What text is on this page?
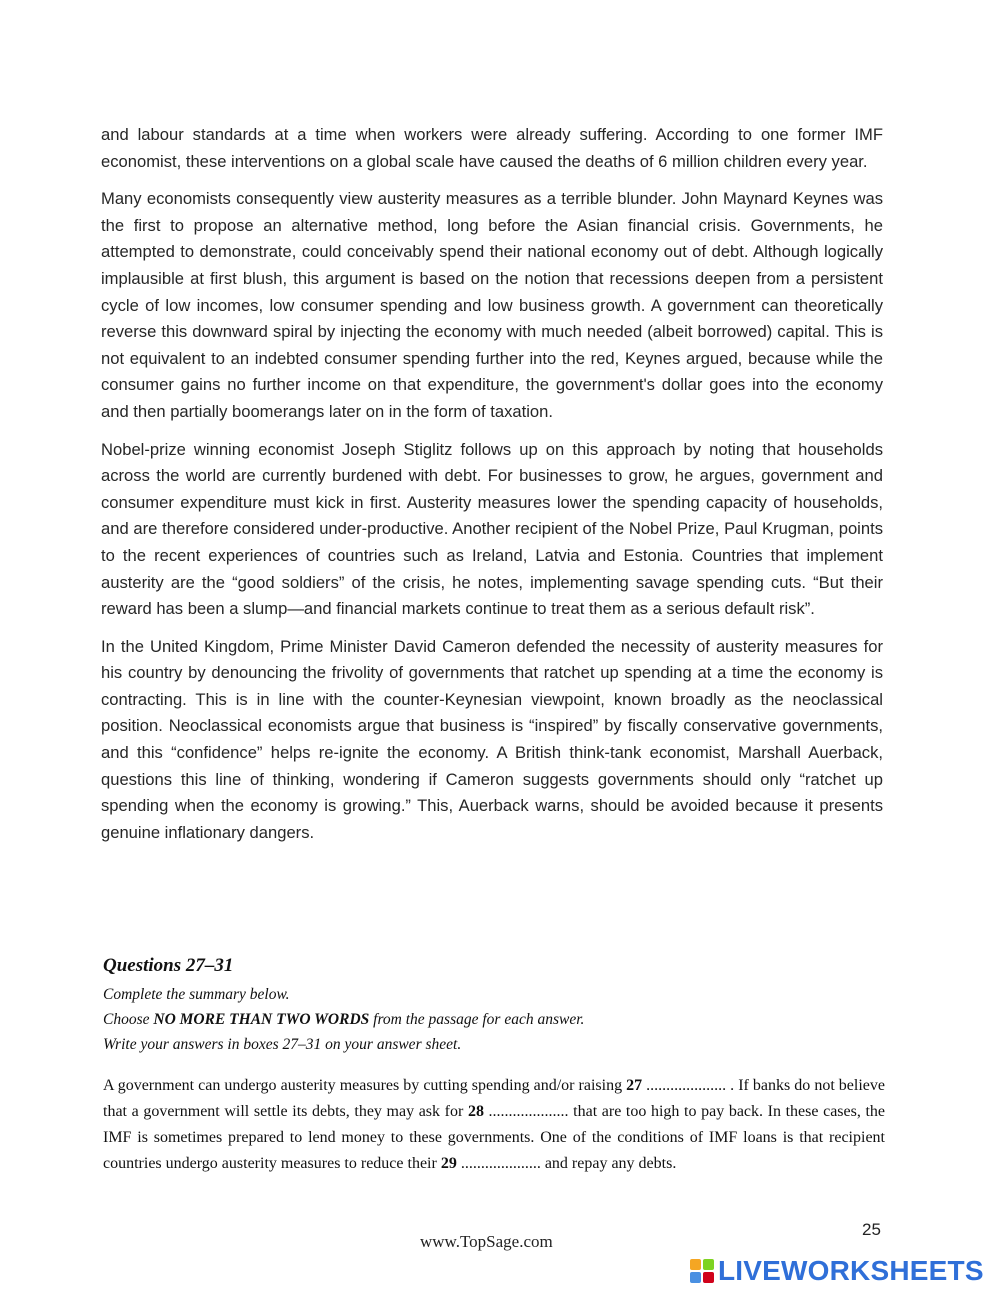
and labour standards at a time when workers were already suffering. According to one former IMF economist, these interventions on a global scale have caused the deaths of 6 million children every year.

Many economists consequently view austerity measures as a terrible blunder. John Maynard Keynes was the first to propose an alternative method, long before the Asian financial crisis. Governments, he attempted to demonstrate, could conceivably spend their national economy out of debt. Although logically implausible at first blush, this argument is based on the notion that recessions deepen from a persistent cycle of low incomes, low consumer spending and low business growth. A government can theoretically reverse this downward spiral by injecting the economy with much needed (albeit borrowed) capital. This is not equivalent to an indebted consumer spending further into the red, Keynes argued, because while the consumer gains no further income on that expenditure, the government's dollar goes into the economy and then partially boomerangs later on in the form of taxation.

Nobel-prize winning economist Joseph Stiglitz follows up on this approach by noting that households across the world are currently burdened with debt. For businesses to grow, he argues, government and consumer expenditure must kick in first. Austerity measures lower the spending capacity of households, and are therefore considered under-productive. Another recipient of the Nobel Prize, Paul Krugman, points to the recent experiences of countries such as Ireland, Latvia and Estonia. Countries that implement austerity are the “good soldiers” of the crisis, he notes, implementing savage spending cuts. “But their reward has been a slump—and financial markets continue to treat them as a serious default risk”.

In the United Kingdom, Prime Minister David Cameron defended the necessity of austerity measures for his country by denouncing the frivolity of governments that ratchet up spending at a time the economy is contracting. This is in line with the counter-Keynesian viewpoint, known broadly as the neoclassical position. Neoclassical economists argue that business is “inspired” by fiscally conservative governments, and this “confidence” helps re-ignite the economy. A British think-tank economist, Marshall Auerback, questions this line of thinking, wondering if Cameron suggests governments should only “ratchet up spending when the economy is growing.” This, Auerback warns, should be avoided because it presents genuine inflationary dangers.

Questions 27–31

Complete the summary below.

Choose NO MORE THAN TWO WORDS from the passage for each answer.

Write your answers in boxes 27–31 on your answer sheet.

A government can undergo austerity measures by cutting spending and/or raising 27 .................... . If banks do not believe that a government will settle its debts, they may ask for 28 .................... that are too high to pay back. In these cases, the IMF is sometimes prepared to lend money to these governments. One of the conditions of IMF loans is that recipient countries undergo austerity measures to reduce their 29 .................... and repay any debts.
25
www.TopSage.com
LIVEWORKSHEETS
